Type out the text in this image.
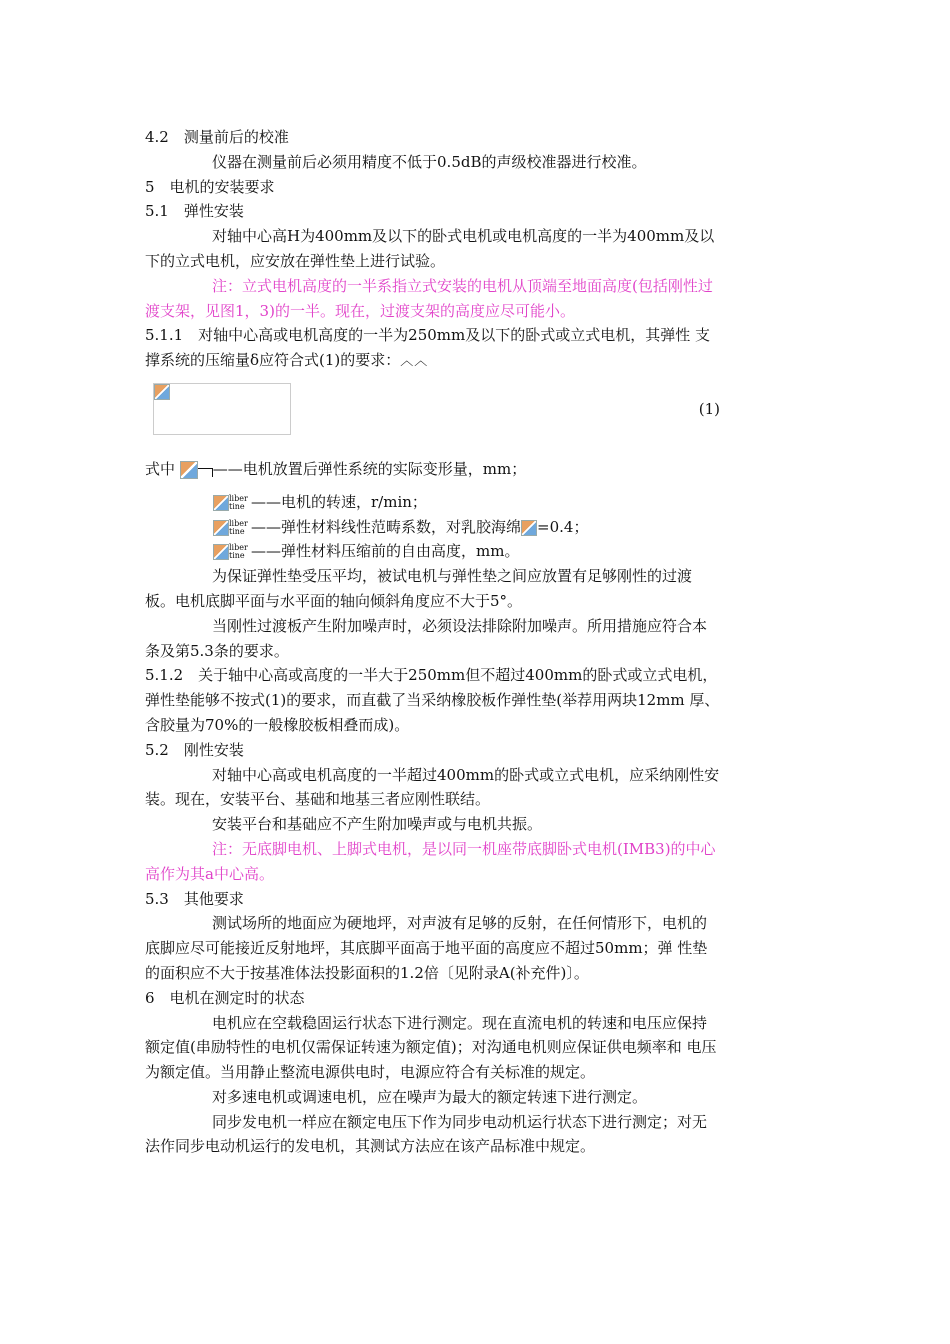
4.2　测量前后的校准

仪器在测量前后必须用精度不低于0.5dB的声级校准器进行校准。

5　电机的安装要求

5.1　弹性安装

对轴中心高H为400mm及以下的卧式电机或电机高度的一半为400mm及以 下的立式电机，应安放在弹性垫上进行试验。

注：立式电机高度的一半系指立式安装的电机从顶端至地面高度(包括刚性过 渡支架，见图1，3)的一半。现在，过渡支架的高度应尽可能小。

5.1.1　对轴中心高或电机高度的一半为250mm及以下的卧式或立式电机，其弹性 支撑系统的压缩量δ应符合式(1)的要求：︿︿

(1)

式中	——电机放置后弹性系统的实际变形量，mm；

liber
tine ——电机的转速，r/min；

liber
tine ——弹性材料线性范畴系数，对乳胶海绵 =0.4；

liber
tine ——弹性材料压缩前的自由高度，mm。

为保证弹性垫受压平均，被试电机与弹性垫之间应放置有足够刚性的过渡 板。电机底脚平面与水平面的轴向倾斜角度应不大于5°。

当刚性过渡板产生附加噪声时，必须设法排除附加噪声。所用措施应符合本 条及第5.3条的要求。

5.1.2　关于轴中心高或高度的一半大于250mm但不超过400mm的卧式或立式电机，弹性垫能够不按式(1)的要求，而直截了当采纳橡胶板作弹性垫(举荐用两块12mm 厚、含胶量为70%的一般橡胶板相叠而成)。

5.2　刚性安装

对轴中心高或电机高度的一半超过400mm的卧式或立式电机，应采纳刚性安 装。现在，安装平台、基础和地基三者应刚性联结。

安装平台和基础应不产生附加噪声或与电机共振。

注：无底脚电机、上脚式电机，是以同一机座带底脚卧式电机(IMB3)的中心 高作为其a中心高。

5.3　其他要求

测试场所的地面应为硬地坪，对声波有足够的反射，在任何情形下，电机的 底脚应尽可能接近反射地坪，其底脚平面高于地平面的高度应不超过50mm；弹 性垫的面积应不大于按基准体法投影面积的1.2倍〔见附录A(补充件)〕。

6　电机在测定时的状态

电机应在空载稳固运行状态下进行测定。现在直流电机的转速和电压应保持 额定值(串励特性的电机仅需保证转速为额定值)；对沟通电机则应保证供电频率和 电压为额定值。当用静止整流电源供电时，电源应符合有关标准的规定。

对多速电机或调速电机，应在噪声为最大的额定转速下进行测定。

同步发电机一样应在额定电压下作为同步电动机运行状态下进行测定；对无 法作同步电动机运行的发电机，其测试方法应在该产品标准中规定。
